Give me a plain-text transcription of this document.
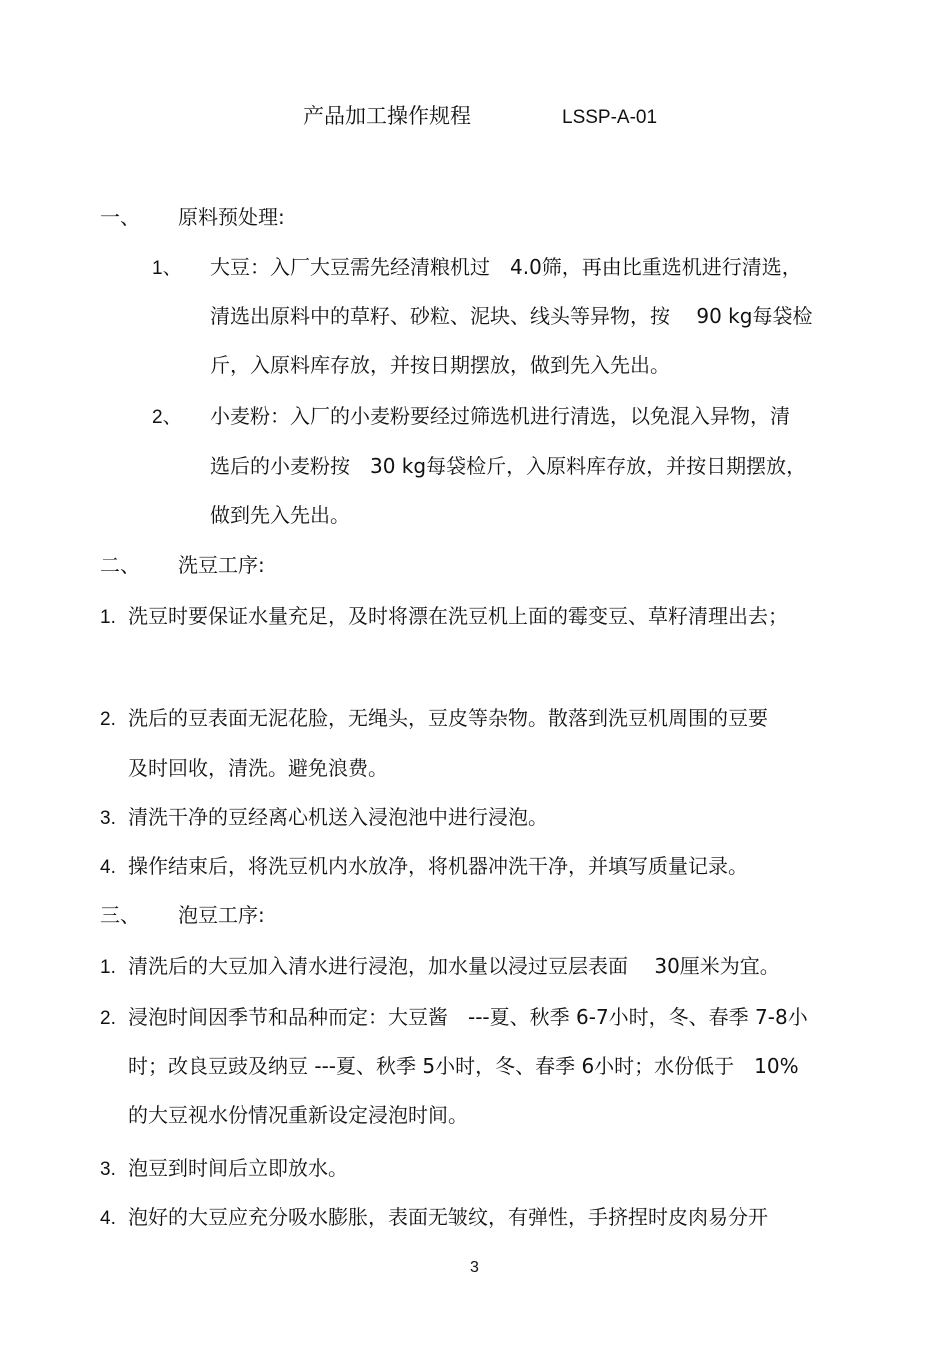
产品加工操作规程	LSSP-A-01
一、 原料预处理:
1、 大豆：入厂大豆需先经清粮机过　4.0筛，再由比重选机进行清选，
清选出原料中的草籽、砂粒、泥块、线头等异物，按　 90 kg每袋检
斤，入原料库存放，并按日期摆放，做到先入先出。
2、 小麦粉：入厂的小麦粉要经过筛选机进行清选，以免混入异物，清
选后的小麦粉按　30 kg每袋检斤，入原料库存放，并按日期摆放，
做到先入先出。
二、 洗豆工序:
1. 洗豆时要保证水量充足，及时将漂在洗豆机上面的霉变豆、草籽清理出去；
2. 洗后的豆表面无泥花脸，无绳头，豆皮等杂物。散落到洗豆机周围的豆要
及时回收，清洗。避免浪费。
3. 清洗干净的豆经离心机送入浸泡池中进行浸泡。
4. 操作结束后，将洗豆机内水放净，将机器冲洗干净，并填写质量记录。
三、 泡豆工序:
1. 清洗后的大豆加入清水进行浸泡，加水量以浸过豆层表面　 30厘米为宜。
2. 浸泡时间因季节和品种而定：大豆酱　---夏、秋季 6-7小时，冬、春季 7-8小
时；改良豆豉及纳豆 ---夏、秋季 5小时，冬、春季 6小时；水份低于　10%
的大豆视水份情况重新设定浸泡时间。
3. 泡豆到时间后立即放水。
4. 泡好的大豆应充分吸水膨胀，表面无皱纹，有弹性，手挤捏时皮肉易分开
3
